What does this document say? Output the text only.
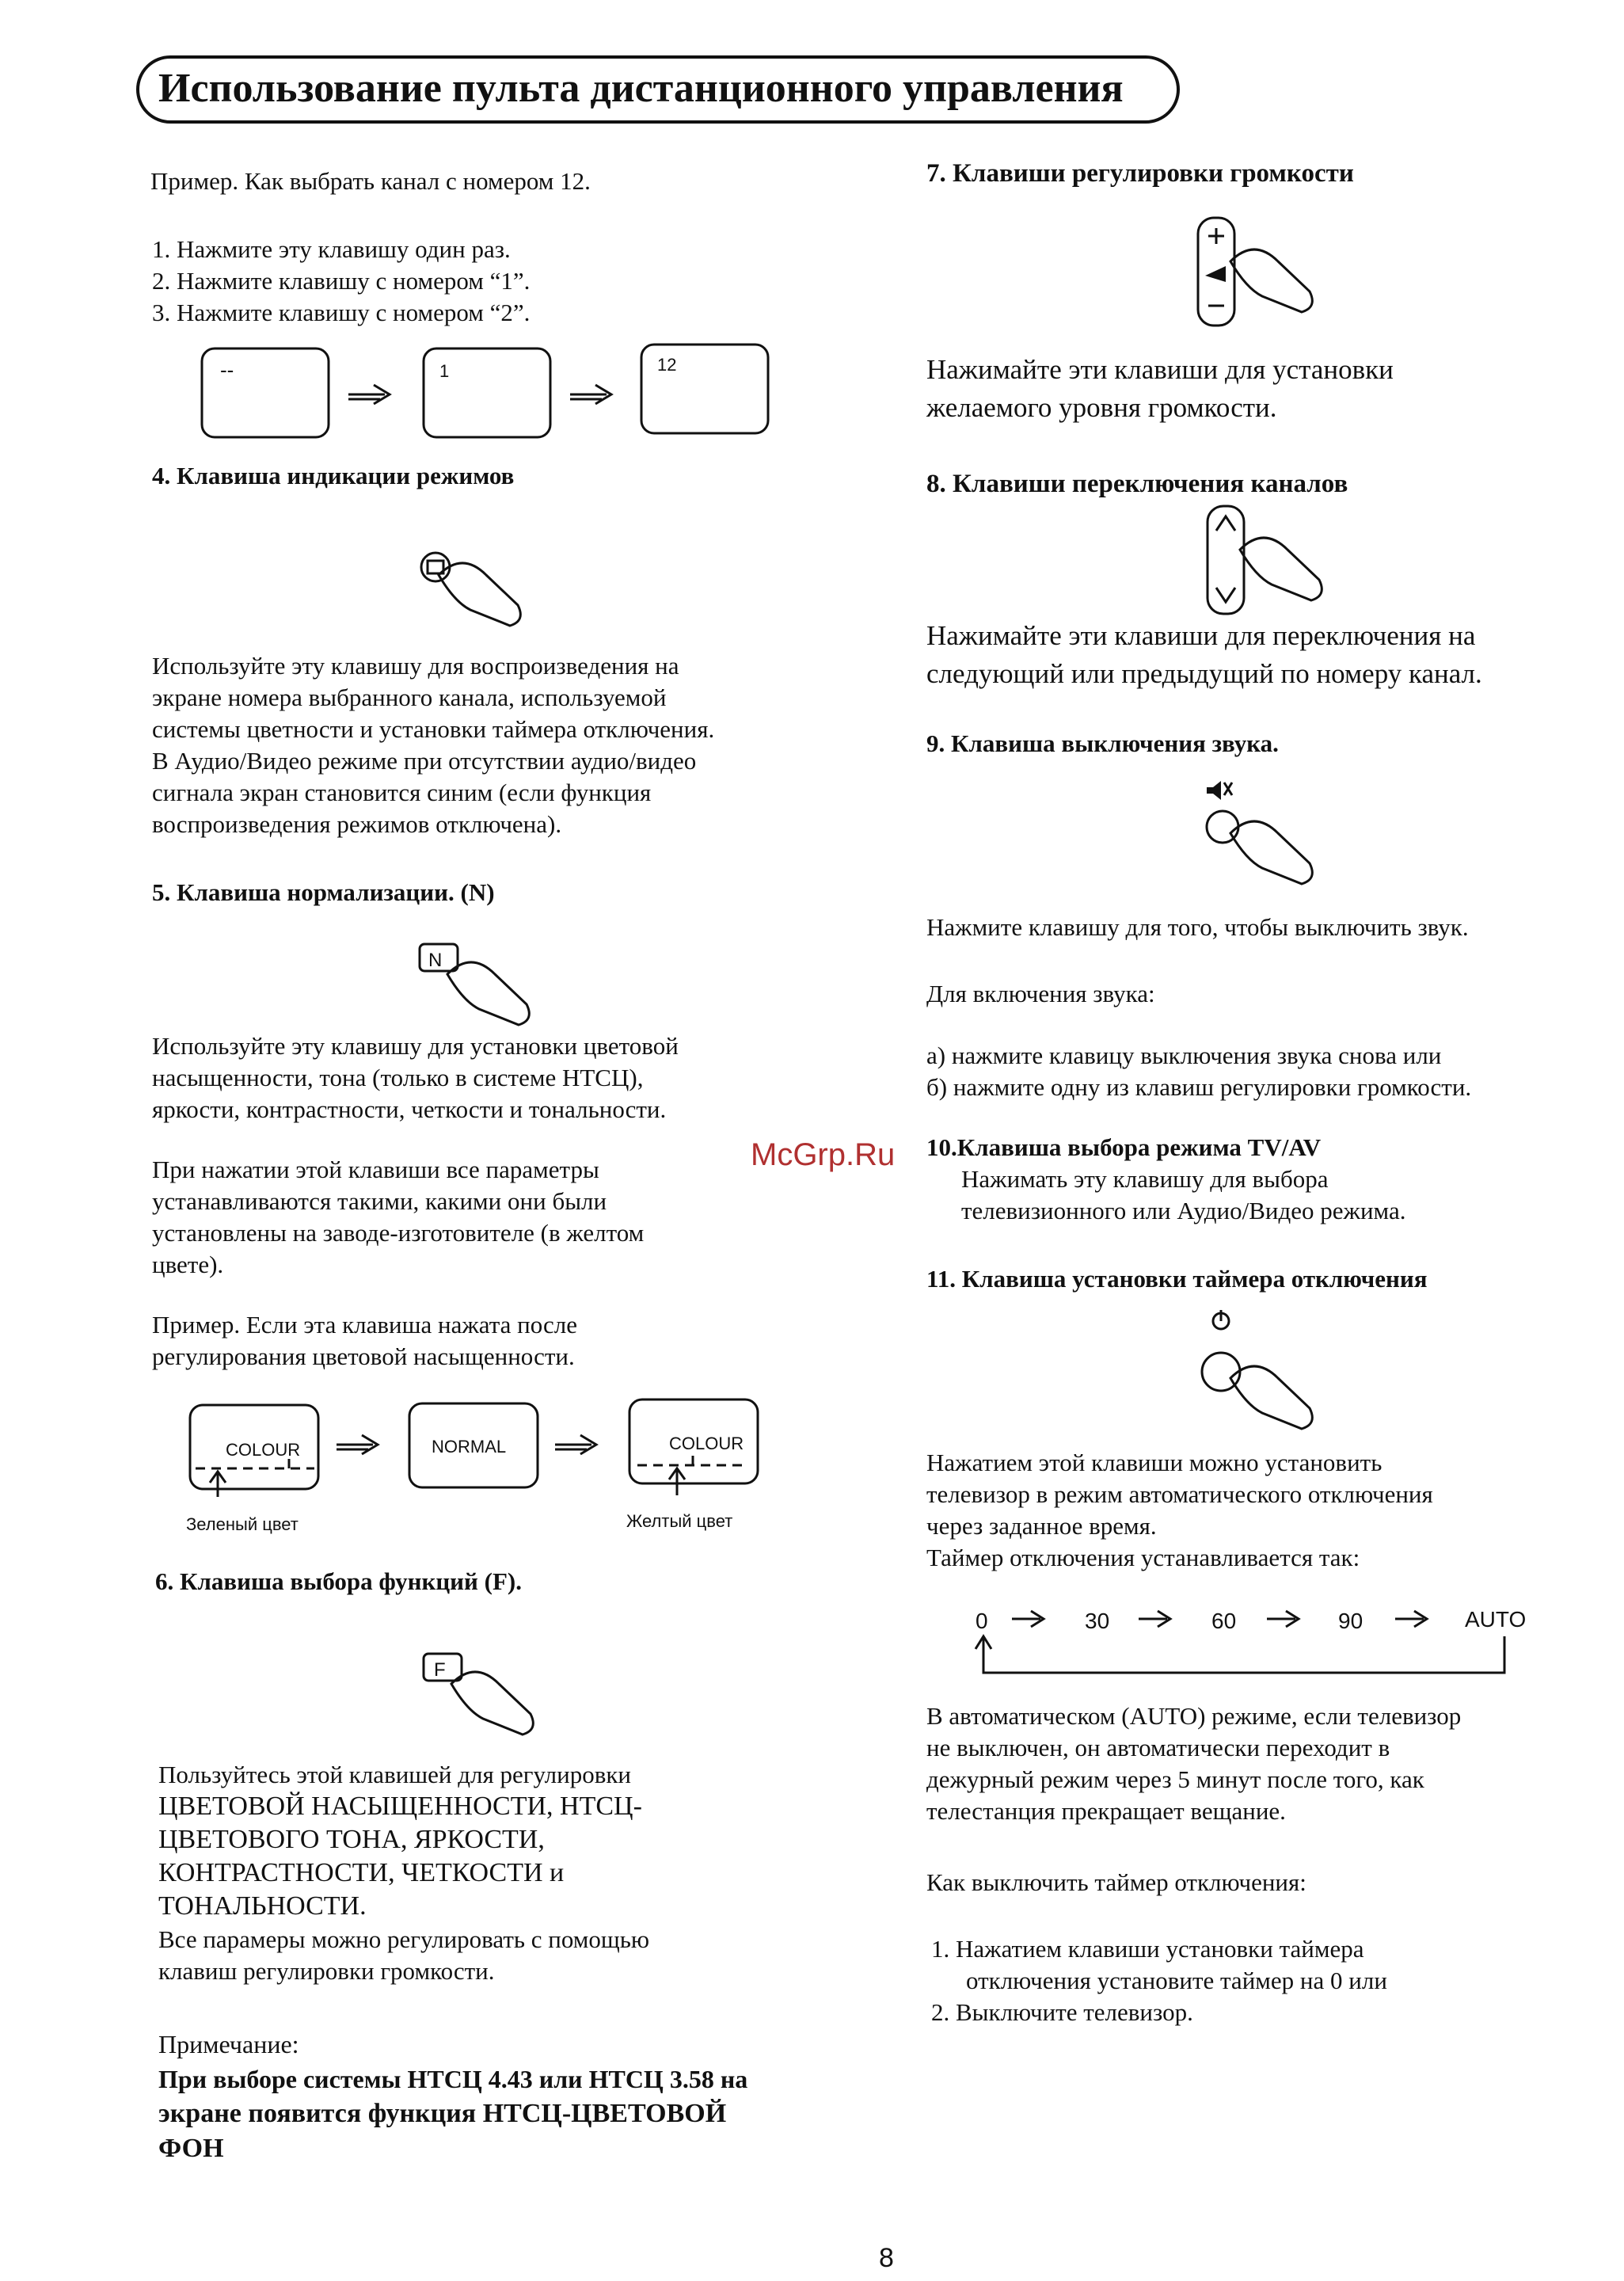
Использование пульта дистанционного управления
Пример. Как выбрать канал с номером 12.
1. Нажмите эту клавишу один раз.
2. Нажмите клавишу с номером “1”.
3. Нажмите клавишу с номером “2”.
--	1	12
4. Клавиша индикации режимов
Используйте эту клавишу для воспроизведения на
экране номера выбранного канала, используемой
системы цветности и установки таймера отключения.
В Аудио/Видео режиме при отсутствии аудио/видео
сигнала экран становится синим (если функция
воспроизведения режимов отключена).
5. Клавиша нормализации. (N)
N
Используйте эту клавишу для установки цветовой
насыщенности, тона (только в системе НТСЦ),
яркости, контрастности, четкости и тональности.
При нажатии этой клавиши все параметры
устанавливаются такими, какими они были
установлены на заводе-изготовителе (в желтом
цвете).
Пример. Если эта клавиша нажата после
регулирования цветовой насыщенности.
COLOUR	NORMAL	COLOUR
Зеленый цвет	Желтый цвет
6. Клавиша выбора функций (F).
F
Пользуйтесь этой клавишей для регулировки
ЦВЕТОВОЙ НАСЫЩЕННОСТИ, НТСЦ-
ЦВЕТОВОГО ТОНА, ЯРКОСТИ,
КОНТРАСТНОСТИ, ЧЕТКОСТИ и
ТОНАЛЬНОСТИ.
Все парамеры можно регулировать с помощью
клавиш регулировки громкости.
Примечание:
При выборе системы НТСЦ 4.43 или НТСЦ 3.58 на
экране появится функция НТСЦ-ЦВЕТОВОЙ
ФОН
7. Клавиши регулировки громкости
Нажимайте эти клавиши для установки
желаемого уровня громкости.
8. Клавиши переключения каналов
Нажимайте эти клавиши для переключения на
следующий или предыдущий по номеру канал.
9. Клавиша выключения звука.
Нажмите клавишу для того, чтобы выключить звук.
Для включения звука:
а) нажмите клавицу выключения звука снова или
б) нажмите одну из клавиш регулировки громкости.
10.Клавиша выбора режима TV/AV
Нажимать эту клавишу для выбора
телевизионного или Аудио/Видео режима.
11. Клавиша установки таймера отключения
Нажатием этой клавиши можно установить
телевизор в режим автоматического отключения
через заданное время.
Таймер отключения устанавливается так:
0	30	60	90	AUTO
В автоматическом (AUTO) режиме, если телевизор
не выключен, он автоматически переходит в
дежурный режим через 5 минут после того, как
телестанция прекращает вещание.
Как выключить таймер отключения:
1. Нажатием клавиши установки таймера
отключения установите таймер на 0 или
2. Выключите телевизор.
McGrp.Ru
8
